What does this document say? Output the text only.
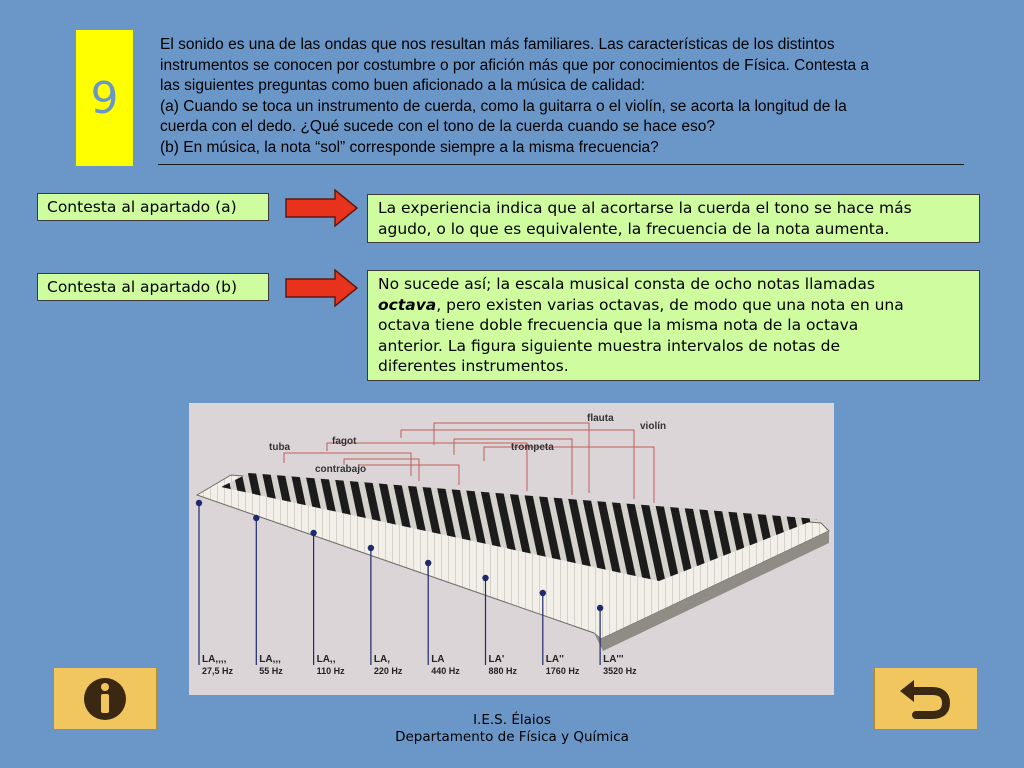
9
El sonido es una de las ondas que nos resultan más familiares. Las características de los distintos
instrumentos se conocen por costumbre o por afición más que por conocimientos de Física. Contesta a
las siguientes preguntas como buen aficionado a la música de calidad:
(a) Cuando se toca un instrumento de cuerda, como la guitarra o el violín, se acorta la longitud de la
cuerda con el dedo. ¿Qué sucede con el tono de la cuerda cuando se hace eso?
(b) En música, la nota “sol” corresponde siempre a la misma frecuencia?
Contesta al apartado (a)	La experiencia indica que al acortarse la cuerda el tono se hace más
agudo, o lo que es equivalente, la frecuencia de la nota aumenta.
Contesta al apartado (b)	No sucede así; la escala musical consta de ocho notas llamadas
octava, pero existen varias octavas, de modo que una nota en una
octava tiene doble frecuencia que la misma nota de la octava
anterior. La figura siguiente muestra intervalos de notas de
diferentes instrumentos.
tuba
fagot
contrabajo
flauta
violín
trompeta
LA,,,,
27,5 Hz
LA,,,
55 Hz
LA,,
110 Hz
LA,
220 Hz
LA
440 Hz
LA'
880 Hz
LA''
1760 Hz
LA'''
3520 Hz
I.E.S. Élaios
Departamento de Física y Química
